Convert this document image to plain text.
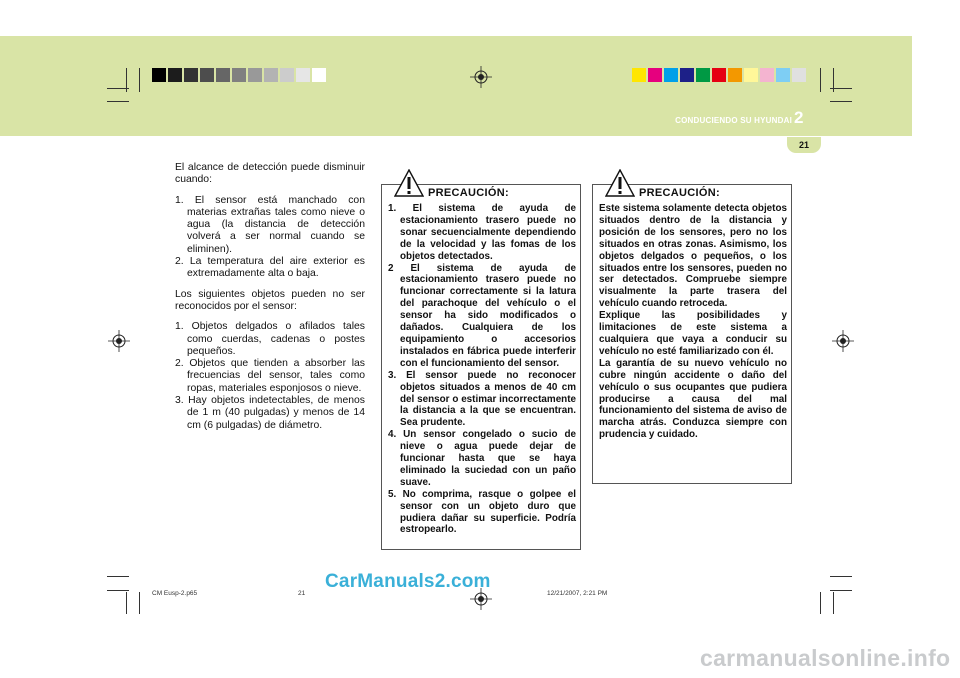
CONDUCIENDO SU HYUNDAI 2
21

El alcance de detección puede disminuir cuando:

1. El sensor está manchado con materias extrañas tales como nieve o agua (la distancia de detección volverá a ser normal cuando se eliminen).
2. La temperatura del aire exterior es extremadamente alta o baja.

Los siguientes objetos pueden no ser reconocidos por el sensor:

1. Objetos delgados o afilados tales como cuerdas, cadenas o postes pequeños.
2. Objetos que tienden a absorber las frecuencias del sensor, tales como ropas, materiales esponjosos o nieve.
3. Hay objetos indetectables, de menos de 1 m (40 pulgadas) y menos de 14 cm (6 pulgadas) de diámetro.
PRECAUCIÓN:
1. El sistema de ayuda de estacionamiento trasero puede no sonar secuencialmente dependiendo de la velocidad y las fomas de los objetos detectados.
2 El sistema de ayuda de estacionamiento trasero puede no funcionar correctamente si la latura del parachoque del vehículo o el sensor ha sido modificados o dañados. Cualquiera de los equipamiento o accesorios instalados en fábrica puede interferir con el funcionamiento del sensor.
3. El sensor puede no reconocer objetos situados a menos de 40 cm del sensor o estimar incorrectamente la distancia a la que se encuentran. Sea prudente.
4. Un sensor congelado o sucio de nieve o agua puede dejar de funcionar hasta que se haya eliminado la suciedad con un paño suave.
5. No comprima, rasque o golpee el sensor con un objeto duro que pudiera dañar su superficie. Podría estropearlo.
PRECAUCIÓN:

Este sistema solamente detecta objetos situados dentro de la distancia y posición de los sensores, pero no los situados en otras zonas. Asimismo, los objetos delgados o pequeños, o los situados entre los sensores, pueden no ser detectados. Compruebe siempre visualmente la parte trasera del vehículo cuando retroceda.

Explique las posibilidades y limitaciones de este sistema a cualquiera que vaya a conducir su vehículo no esté familiarizado con él.

La garantía de su nuevo vehículo no cubre ningún accidente o daño del vehículo o sus ocupantes que pudiera producirse a causa del mal funcionamiento del sistema de aviso de marcha atrás. Conduzca siempre con prudencia y cuidado.

CM Eusp-2.p65	21	12/21/2007, 2:21 PM
CarManuals2.com
carmanualsonline.info
